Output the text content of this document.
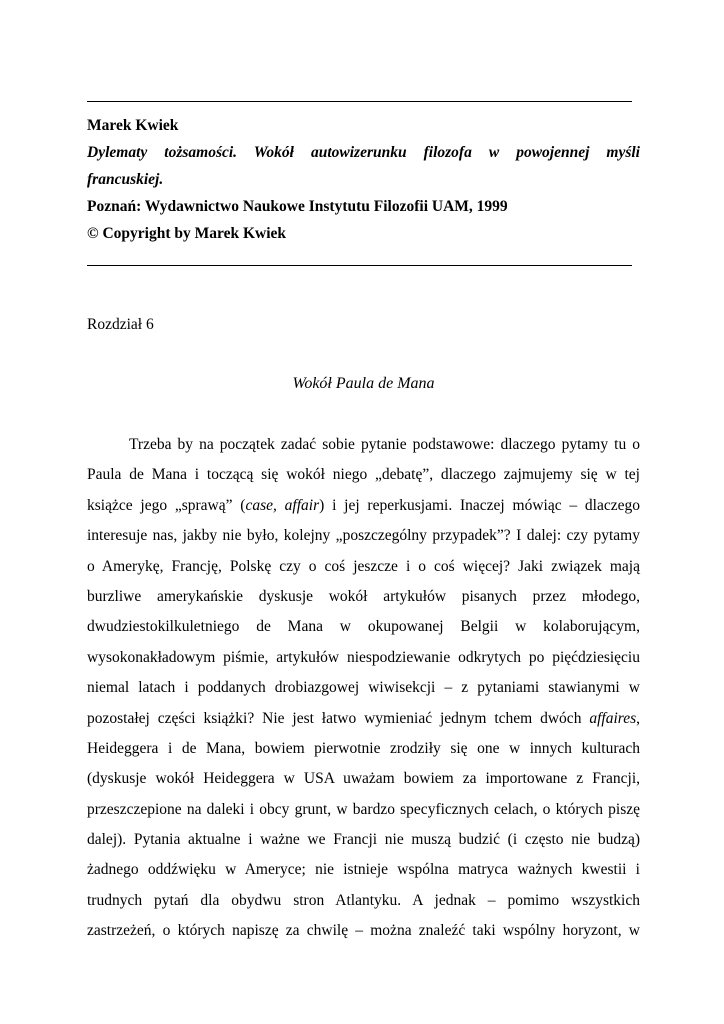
Marek Kwiek
Dylematy tożsamości. Wokół autowizerunku filozofa w powojennej myśli
francuskiej.
Poznań: Wydawnictwo Naukowe Instytutu Filozofii UAM, 1999
© Copyright by Marek Kwiek
Rozdział 6
Wokół Paula de Mana
Trzeba by na początek zadać sobie pytanie podstawowe: dlaczego pytamy tu o
Paula de Mana i toczącą się wokół niego „debatę”, dlaczego zajmujemy się w tej
książce jego „sprawą” (case, affair) i jej reperkusjami. Inaczej mówiąc – dlaczego
interesuje nas, jakby nie było, kolejny „poszczególny przypadek”? I dalej: czy pytamy
o Amerykę, Francję, Polskę czy o coś jeszcze i o coś więcej? Jaki związek mają
burzliwe amerykańskie dyskusje wokół artykułów pisanych przez młodego,
dwudziestokilkuletniego de Mana w okupowanej Belgii w kolaborującym,
wysokonakładowym piśmie, artykułów niespodziewanie odkrytych po pięćdziesięciu
niemal latach i poddanych drobiazgowej wiwisekcji – z pytaniami stawianymi w
pozostałej części książki? Nie jest łatwo wymieniać jednym tchem dwóch affaires,
Heideggera i de Mana, bowiem pierwotnie zrodziły się one w innych kulturach
(dyskusje wokół Heideggera w USA uważam bowiem za importowane z Francji,
przeszczepione na daleki i obcy grunt, w bardzo specyficznych celach, o których piszę
dalej). Pytania aktualne i ważne we Francji nie muszą budzić (i często nie budzą)
żadnego oddźwięku w Ameryce; nie istnieje wspólna matryca ważnych kwestii i
trudnych pytań dla obydwu stron Atlantyku. A jednak – pomimo wszystkich
zastrzeżeń, o których napiszę za chwilę – można znaleźć taki wspólny horyzont, w
